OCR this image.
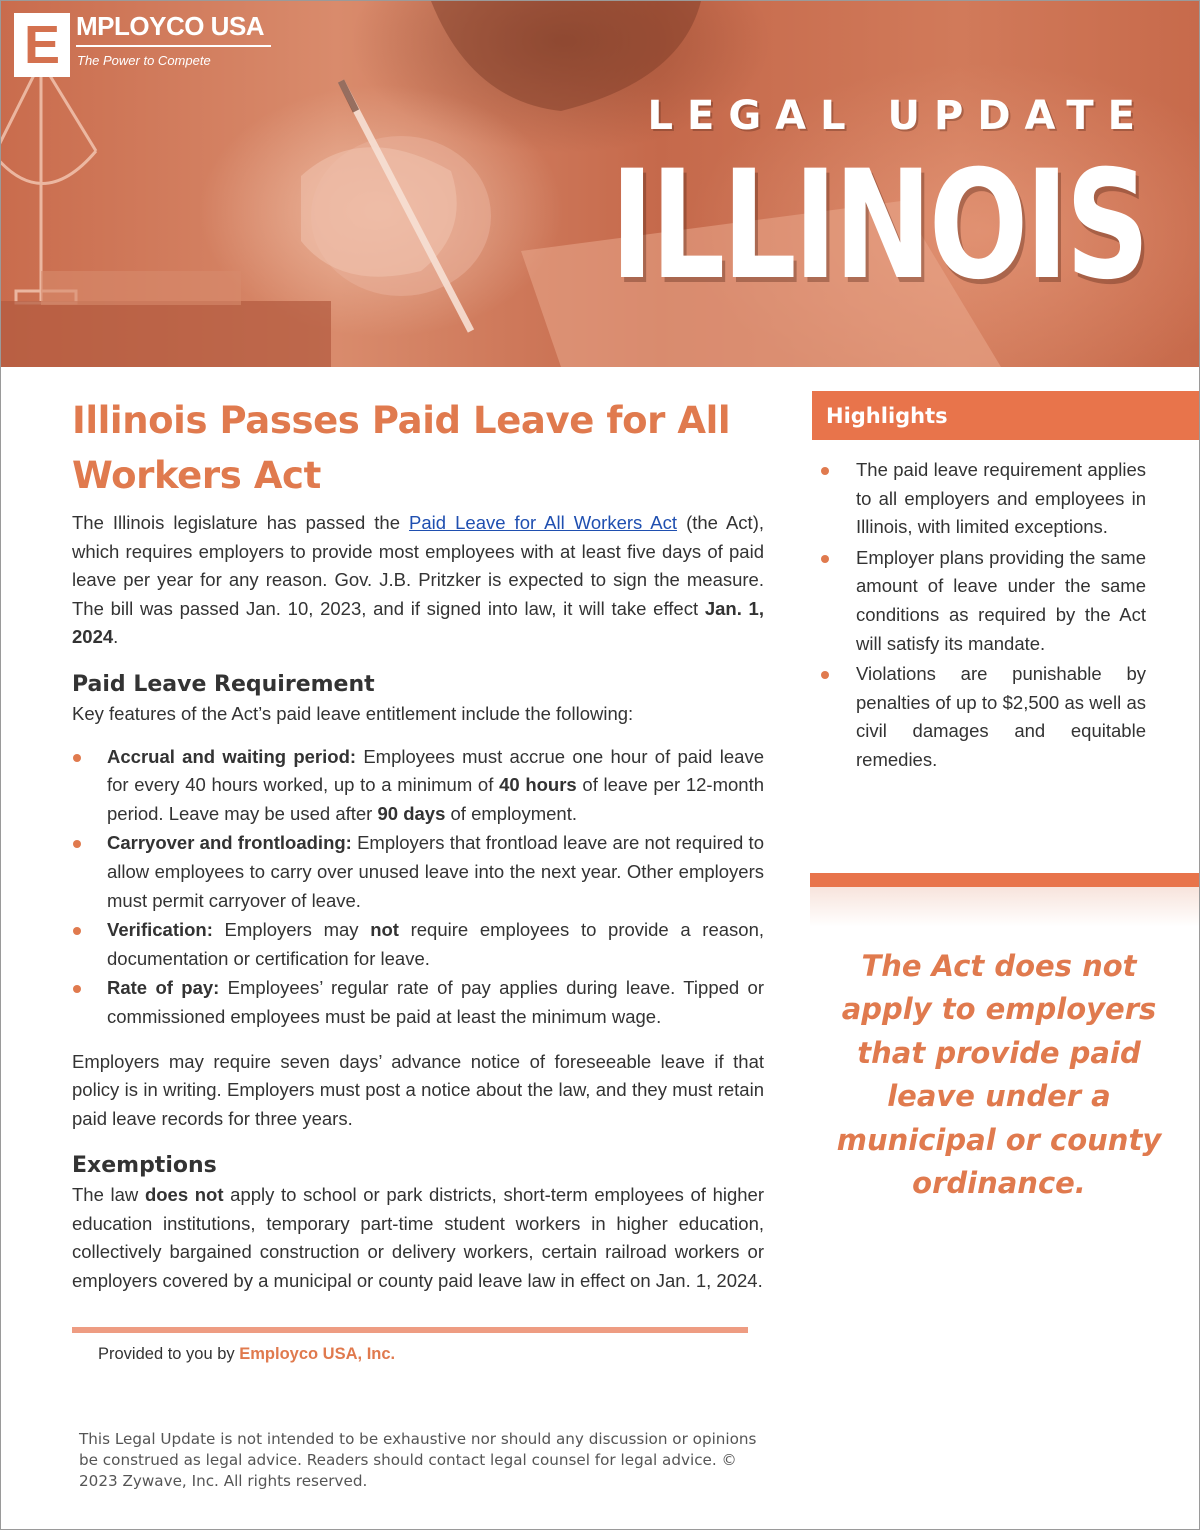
E MPLOYCO USA
The Power to Compete
LEGAL UPDATE
ILLINOIS
Illinois Passes Paid Leave for All Workers Act

The Illinois legislature has passed the Paid Leave for All Workers Act (the Act), which requires employers to provide most employees with at least five days of paid leave per year for any reason. Gov. J.B. Pritzker is expected to sign the measure. The bill was passed Jan. 10, 2023, and if signed into law, it will take effect Jan. 1, 2024.

Paid Leave Requirement

Key features of the Act’s paid leave entitlement include the following:

Accrual and waiting period: Employees must accrue one hour of paid leave for every 40 hours worked, up to a minimum of 40 hours of leave per 12-month period. Leave may be used after 90 days of employment.
Carryover and frontloading: Employers that frontload leave are not required to allow employees to carry over unused leave into the next year. Other employers must permit carryover of leave.
Verification: Employers may not require employees to provide a reason, documentation or certification for leave.
Rate of pay: Employees’ regular rate of pay applies during leave. Tipped or commissioned employees must be paid at least the minimum wage.

Employers may require seven days’ advance notice of foreseeable leave if that policy is in writing. Employers must post a notice about the law, and they must retain paid leave records for three years.

Exemptions

The law does not apply to school or park districts, short-term employees of higher education institutions, temporary part-time student workers in higher education, collectively bargained construction or delivery workers, certain railroad workers or employers covered by a municipal or county paid leave law in effect on Jan. 1, 2024.

Provided to you by Employco USA, Inc.
This Legal Update is not intended to be exhaustive nor should any discussion or opinions be construed as legal advice. Readers should contact legal counsel for legal advice. © 2023 Zywave, Inc. All rights reserved.
Highlights
The paid leave requirement applies to all employers and employees in Illinois, with limited exceptions.
Employer plans providing the same amount of leave under the same conditions as required by the Act will satisfy its mandate.
Violations are punishable by penalties of up to $2,500 as well as civil damages and equitable remedies.
The Act does not apply to employers that provide paid leave under a municipal or county ordinance.
